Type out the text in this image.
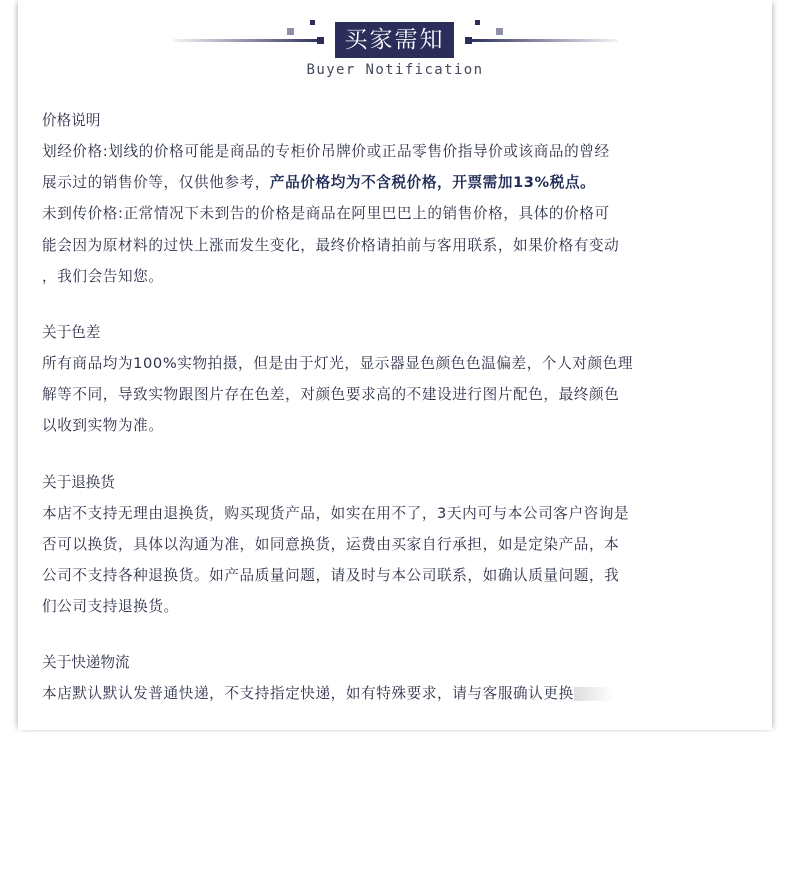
买家需知
Buyer Notification
价格说明
划经价格:划线的价格可能是商品的专柜价吊牌价或正品零售价指导价或该商品的曾经
展示过的销售价等，仅供他参考，产品价格均为不含税价格，开票需加13%税点。
未到传价格:正常情况下未到告的价格是商品在阿里巴巴上的销售价格，具体的价格可
能会因为原材料的过快上涨而发生变化，最终价格请拍前与客用联系，如果价格有变动
，我们会告知您。
关于色差
所有商品均为100%实物拍摄，但是由于灯光，显示器显色颜色色温偏差，个人对颜色理
解等不同，导致实物跟图片存在色差，对颜色要求高的不建设进行图片配色，最终颜色
以收到实物为准。
关于退换货
本店不支持无理由退换货，购买现货产品，如实在用不了，3天内可与本公司客户咨询是
否可以换货，具体以沟通为准，如同意换货，运费由买家自行承担，如是定染产品，本
公司不支持各种退换货。如产品质量问题，请及时与本公司联系，如确认质量问题，我
们公司支持退换货。
关于快递物流
本店默认默认发普通快递，不支持指定快递，如有特殊要求，请与客服确认更换
